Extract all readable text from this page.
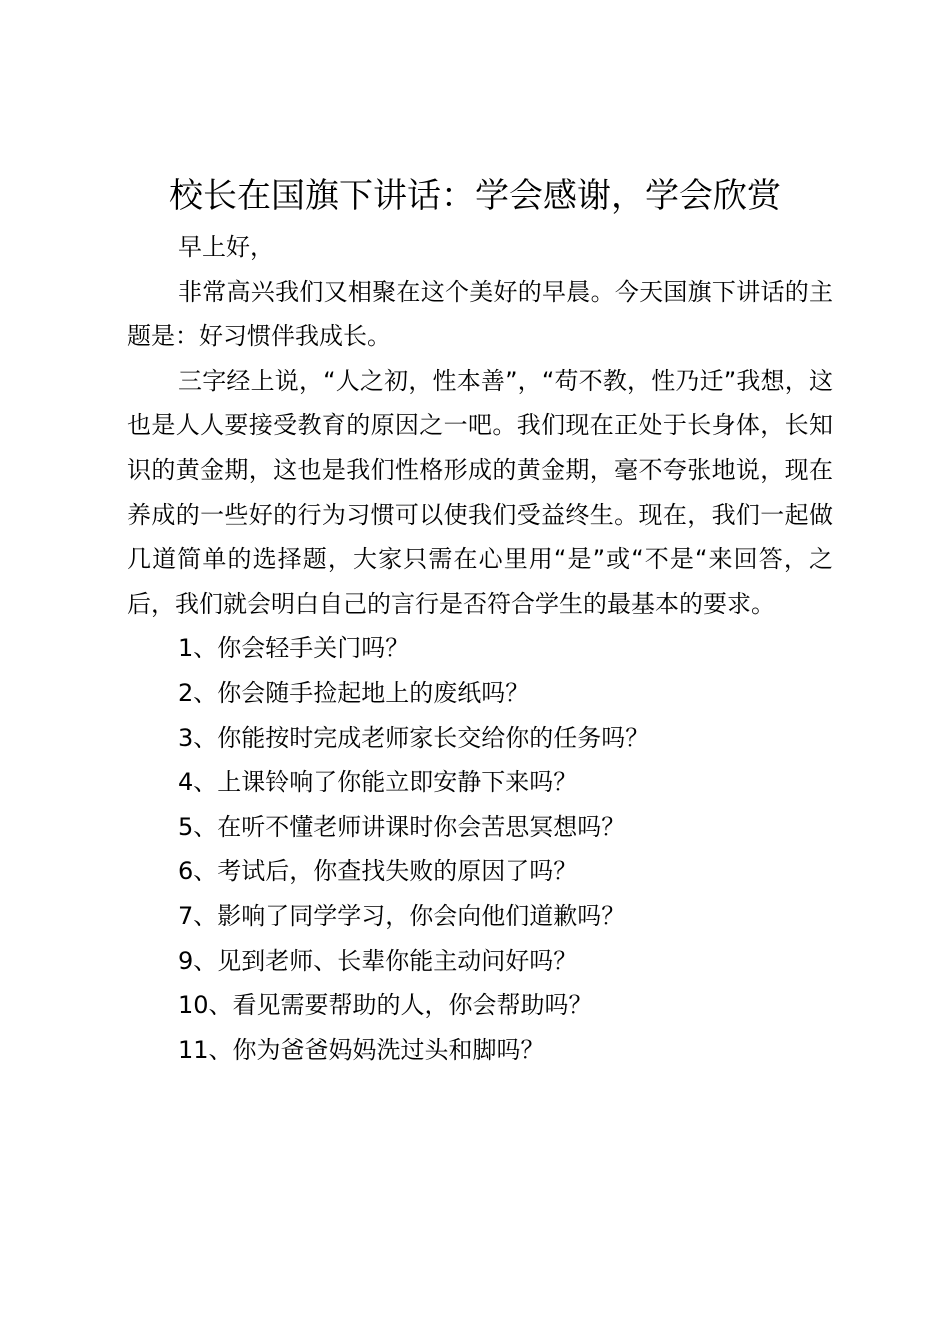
校长在国旗下讲话：学会感谢，学会欣赏

早上好，

非常高兴我们又相聚在这个美好的早晨。今天国旗下讲话的主题是：好习惯伴我成长。

三字经上说，“人之初，性本善”，“苟不教，性乃迁”我想，这也是人人要接受教育的原因之一吧。我们现在正处于长身体，长知识的黄金期，这也是我们性格形成的黄金期，毫不夸张地说，现在养成的一些好的行为习惯可以使我们受益终生。现在，我们一起做几道简单的选择题，大家只需在心里用“是”或“不是“来回答，之后，我们就会明白自己的言行是否符合学生的最基本的要求。

1、你会轻手关门吗？

2、你会随手捡起地上的废纸吗？

3、你能按时完成老师家长交给你的任务吗？

4、上课铃响了你能立即安静下来吗？

5、在听不懂老师讲课时你会苦思冥想吗？

6、考试后，你查找失败的原因了吗？

7、影响了同学学习，你会向他们道歉吗？

9、见到老师、长辈你能主动问好吗？

10、看见需要帮助的人，你会帮助吗？

11、你为爸爸妈妈洗过头和脚吗？
